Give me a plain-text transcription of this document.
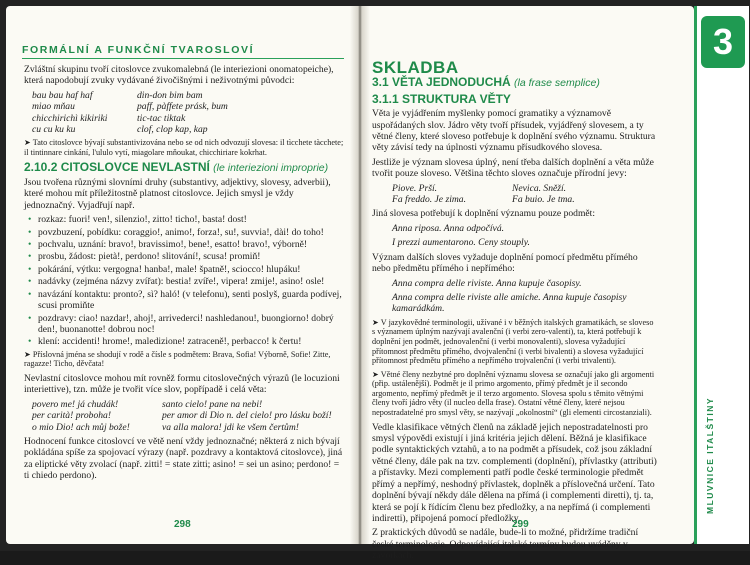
FORMÁLNÍ A FUNKČNÍ TVAROSLOVÍ

Zvláštní skupinu tvoří citoslovce zvukomalebná (le interiezioni onomatopeiche), která napodobují zvuky vydávané živočišnými i neživotnými původci:

bau bau haf haf	din-don bim bam
miao mňau	paff, pàffete prásk, bum
chicchirichì kikiriki	tic-tac tiktak
cu cu ku ku	clof, clop kap, kap

➤ Tato citoslovce bývají substantivizována nebo se od nich odvozují slovesa: il tìcchete tàcchete; il tintinnare cinkání, l'ululo vytí, miagolare mňoukat, chicchiriare kokrhat.

2.10.2 CITOSLOVCE NEVLASTNÍ (le interiezioni improprie)

Jsou tvořena různými slovními druhy (substantivy, adjektivy, slovesy, adverbii), které mohou mít příležitostně platnost citoslovce. Jejich smysl je vždy jednoznačný. Vyjadřují např.

• rozkaz: fuori! ven!, silenzio!, zitto! ticho!, basta! dost!
• povzbuzení, pobídku: coraggio!, animo!, forza!, su!, suvvia!, dài! do toho!
• pochvalu, uznání: bravo!, bravissimo!, bene!, esatto! bravo!, výborně!
• prosbu, žádost: pietà!, perdono! slitování!, scusa! promiň!
• pokárání, výtku: vergogna! hanba!, male! špatně!, sciocco! hlupáku!
• nadávky (zejména názvy zvířat): bestia! zvíře!, vipera! zmije!, asino! osle!
• navázání kontaktu: pronto?, sì? haló! (v telefonu), senti poslyš, guarda podívej, scusi promiňte
• pozdravy: ciao! nazdar!, ahoj!, arrivederci! nashledanou!, buongiorno! dobrý den!, buonanotte! dobrou noc!
• klení: accidenti! hrome!, maledizione! zatraceně!, perbacco! k čertu!

➤ Příslovná jména se shodují v rodě a čísle s podmětem: Brava, Sofia! Výborně, Sofie! Zitte, ragazze! Ticho, děvčata!

Nevlastní citoslovce mohou mít rovněž formu citoslovečných výrazů (le locuzioni interiettive), tzn. může je tvořit více slov, popřípadě i celá věta:

povero me! já chudák!	santo cielo! pane na nebi!
per carità! proboha!	per amor di Dio n. del cielo! pro lásku boží!
o mio Dio! ach můj bože!	va alla malora! jdi ke všem čertům!

Hodnocení funkce citoslovcí ve větě není vždy jednoznačné; některá z nich bývají pokládána spíše za spojovací výrazy (např. pozdravy a kontaktová citoslovce), jiná za eliptické věty zvolací (např. zitti! = state zitti; asino! = sei un asino; perdono! = ti chiedo perdono).

298

SKLADBA

3.1 VĚTA JEDNODUCHÁ (la frase semplice)

3.1.1 STRUKTURA VĚTY

Věta je vyjádřením myšlenky pomocí gramatiky a významově uspořádaných slov. Jádro věty tvoří přísudek, vyjádřený slovesem, a ty větné členy, které sloveso potřebuje k doplnění svého významu. Struktura věty závisí tedy na úplnosti významu přísudkového slovesa.

Jestliže je význam slovesa úplný, není třeba dalších doplnění a věta může tvořit pouze sloveso. Většina těchto sloves označuje přírodní jevy:

Piove. Prší.	Nevica. Sněží.
Fa freddo. Je zima.	Fa buio. Je tma.

Jiná slovesa potřebují k doplnění významu pouze podmět:

Anna riposa. Anna odpočívá.

I prezzi aumentarono. Ceny stouply.

Význam dalších sloves vyžaduje doplnění pomocí předmětu přímého nebo předmětu přímého i nepřímého:

Anna compra delle riviste. Anna kupuje časopisy.

Anna compra delle riviste alle amiche. Anna kupuje časopisy kamarádkám.

➤ V jazykovědné terminologii, užívané i v běžných italských gramatikách, se sloveso s významem úplným nazývají avalenční (i verbi zero-valenti), ta, která potřebují k doplnění jen podmět, jednovalenční (i verbi monovalenti), slovesa vyžadující přítomnost předmětu přímého, dvojvalenční (i verbi bivalenti) a slovesa vyžadující přítomnost předmětu přímého a nepřímého trojvalenční (i verbi trivalenti).

➤ Větné členy nezbytné pro doplnění významu slovesa se označují jako gli argomenti (přip. ustálenější). Podmět je il primo argomento, přímý předmět je il secondo argomento, nepřímý předmět je il terzo argomento. Slovesa spolu s těmito větnými členy tvoří jádro věty (il nucleo della frase). Ostatní větné členy, které nejsou nepostradatelné pro smysl věty, se nazývají „okolnostní“ (gli elementi circostanziali).

Vedle klasifikace větných členů na základě jejich nepostradatelnosti pro smysl výpovědi existují i jiná kritéria jejich dělení. Běžná je klasifikace podle syntaktických vztahů, a to na podmět a přísudek, což jsou základní větné členy, dále pak na tzv. complementi (doplnění), přívlastky (attributi) a přístavky. Mezi complementi patří podle české terminologie předmět přímý a nepřímý, neshodný přívlastek, doplněk a příslovečná určení. Tato doplnění bývají někdy dále dělena na přímá (i complementi diretti), tj. ta, která se pojí k řídícím členu bez předložky, a na nepřímá (i complementi indiretti), připojená pomocí předložky.

Z praktických důvodů se nadále, bude-li to možné, přidržíme tradiční české terminologie. Odpovídající italské termíny budou uváděny v závorkách.

299
3
MLUVNICE ITALŠTINY
